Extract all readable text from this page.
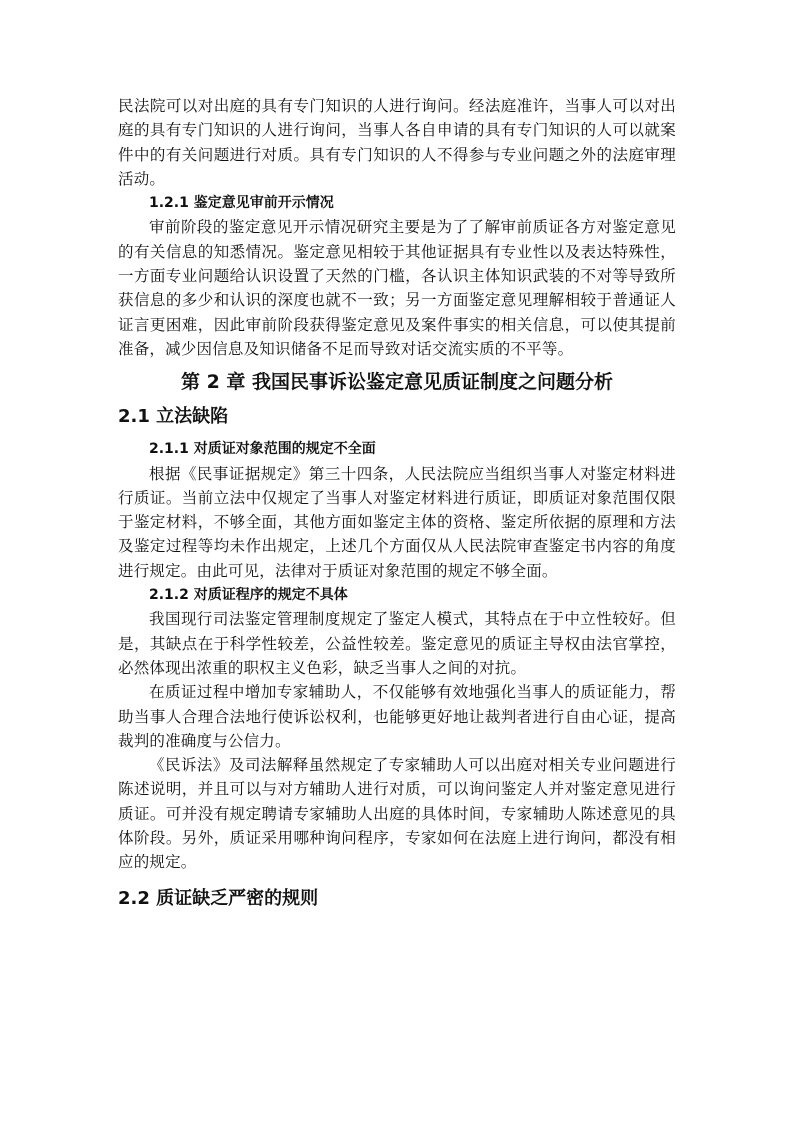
民法院可以对出庭的具有专门知识的人进行询问。经法庭准许，当事人可以对出庭的具有专门知识的人进行询问，当事人各自申请的具有专门知识的人可以就案件中的有关问题进行对质。具有专门知识的人不得参与专业问题之外的法庭审理活动。

1.2.1 鉴定意见审前开示情况

审前阶段的鉴定意见开示情况研究主要是为了了解审前质证各方对鉴定意见的有关信息的知悉情况。鉴定意见相较于其他证据具有专业性以及表达特殊性，一方面专业问题给认识设置了天然的门槛，各认识主体知识武装的不对等导致所获信息的多少和认识的深度也就不一致；另一方面鉴定意见理解相较于普通证人证言更困难，因此审前阶段获得鉴定意见及案件事实的相关信息，可以使其提前准备，减少因信息及知识储备不足而导致对话交流实质的不平等。

第 2 章 我国民事诉讼鉴定意见质证制度之问题分析
2.1 立法缺陷
2.1.1 对质证对象范围的规定不全面

根据《民事证据规定》第三十四条，人民法院应当组织当事人对鉴定材料进行质证。当前立法中仅规定了当事人对鉴定材料进行质证，即质证对象范围仅限于鉴定材料，不够全面，其他方面如鉴定主体的资格、鉴定所依据的原理和方法及鉴定过程等均未作出规定，上述几个方面仅从人民法院审查鉴定书内容的角度进行规定。由此可见，法律对于质证对象范围的规定不够全面。

2.1.2 对质证程序的规定不具体

我国现行司法鉴定管理制度规定了鉴定人模式，其特点在于中立性较好。但是，其缺点在于科学性较差，公益性较差。鉴定意见的质证主导权由法官掌控，必然体现出浓重的职权主义色彩，缺乏当事人之间的对抗。

在质证过程中增加专家辅助人，不仅能够有效地强化当事人的质证能力，帮助当事人合理合法地行使诉讼权利，也能够更好地让裁判者进行自由心证，提高裁判的准确度与公信力。

《民诉法》及司法解释虽然规定了专家辅助人可以出庭对相关专业问题进行陈述说明，并且可以与对方辅助人进行对质，可以询问鉴定人并对鉴定意见进行质证。可并没有规定聘请专家辅助人出庭的具体时间，专家辅助人陈述意见的具体阶段。另外，质证采用哪种询问程序，专家如何在法庭上进行询问，都没有相应的规定。

2.2 质证缺乏严密的规则
